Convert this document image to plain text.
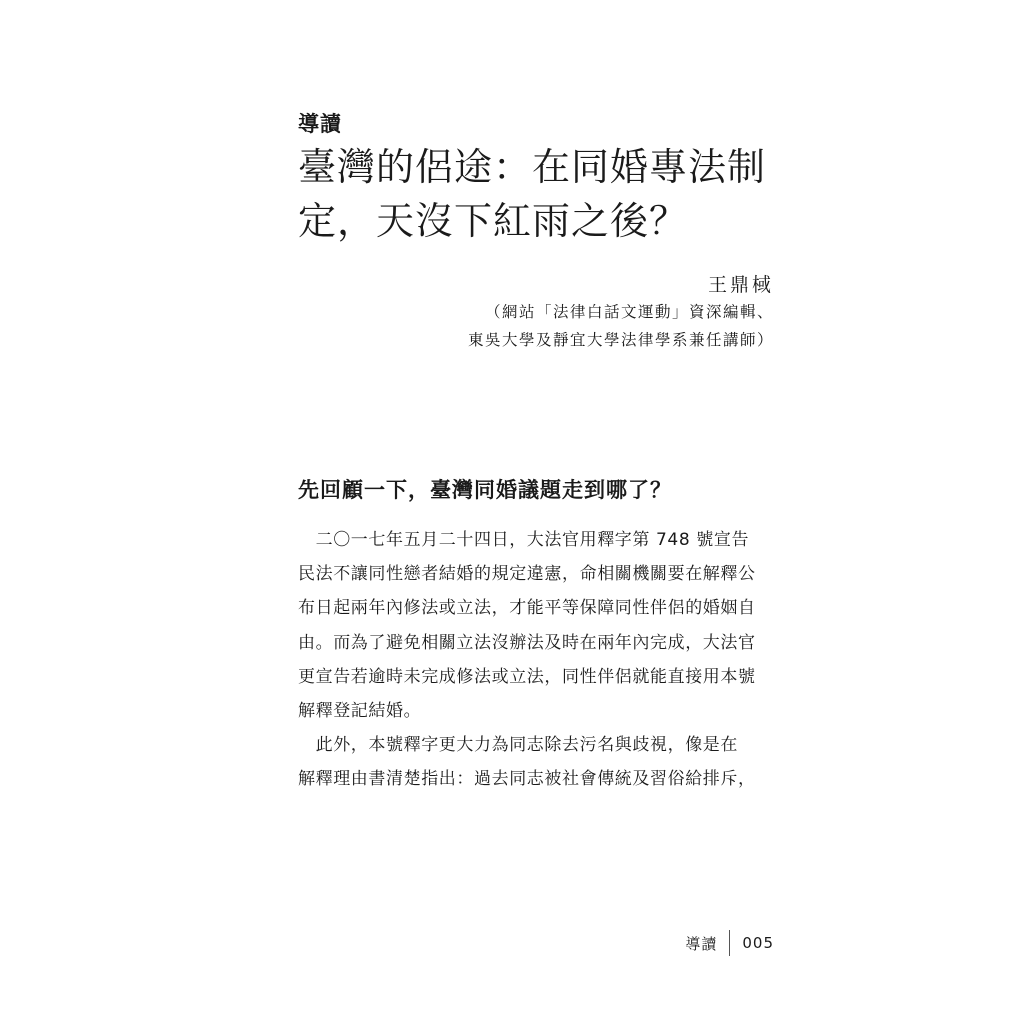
導讀
臺灣的侶途：在同婚專法制
定，天沒下紅雨之後？
王鼎棫
（網站「法律白話文運動」資深編輯、
東吳大學及靜宜大學法律學系兼任講師）
先回顧一下，臺灣同婚議題走到哪了？
　二〇一七年五月二十四日，大法官用釋字第 748 號宣告
民法不讓同性戀者結婚的規定違憲，命相關機關要在解釋公
布日起兩年內修法或立法，才能平等保障同性伴侶的婚姻自
由。而為了避免相關立法沒辦法及時在兩年內完成，大法官
更宣告若逾時未完成修法或立法，同性伴侶就能直接用本號
解釋登記結婚。
　此外，本號釋字更大力為同志除去污名與歧視，像是在
解釋理由書清楚指出：過去同志被社會傳統及習俗給排斥，
導讀 005
